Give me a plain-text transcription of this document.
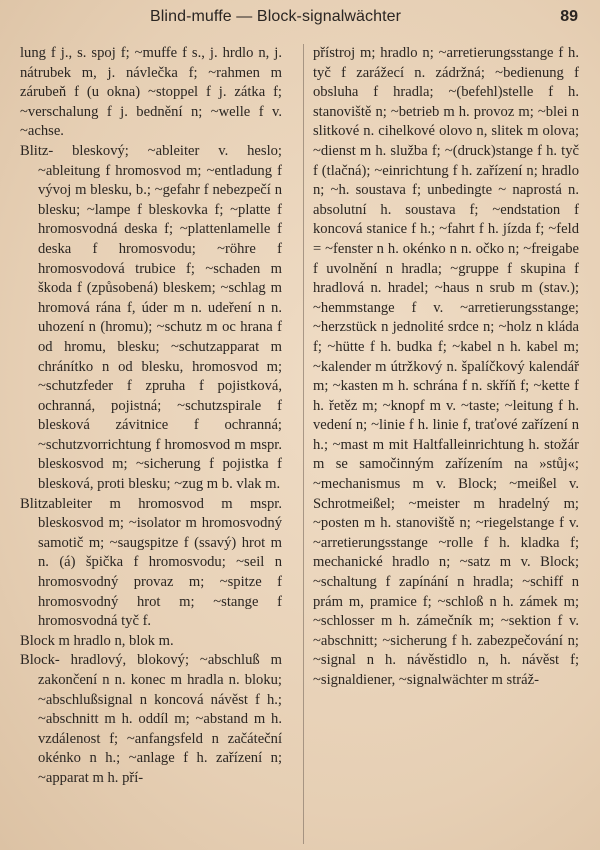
Blind-muffe — Block-signalwächter	89

lung f j., s. spoj f; ~muffe f s., j. hrdlo n, j. nátrubek m, j. návlečka f; ~rahmen m zárubeň f (u okna) ~stoppel f j. zátka f; ~verschalung f j. bednění n; ~welle f v. ~achse.

Blitz- bleskový; ~ableiter v. heslo; ~ableitung f hromosvod m; ~entladung f vývoj m blesku, b.; ~gefahr f nebezpečí n blesku; ~lampe f bleskovka f; ~platte f hromosvodná deska f; ~plattenlamelle f deska f hromosvodu; ~röhre f hromosvodová trubice f; ~schaden m škoda f (způsobená) bleskem; ~schlag m hromová rána f, úder m n. udeření n n. uhození n (hromu); ~schutz m oc hrana f od hromu, blesku; ~schutzapparat m chránítko n od blesku, hromosvod m; ~schutzfeder f zpruha f pojistková, ochranná, pojistná; ~schutzspirale f blesková závitnice f ochranná; ~schutzvorrichtung f hromosvod m mspr. bleskosvod m; ~sicherung f pojistka f blesková, proti blesku; ~zug m b. vlak m.

Blitzableiter m hromosvod m mspr. bleskosvod m; ~isolator m hromosvodný samotič m; ~saugspitze f (ssavý) hrot m n. (á) špička f hromosvodu; ~seil n hromosvodný provaz m; ~spitze f hromosvodný hrot m; ~stange f hromosvodná tyč f.

Block m hradlo n, blok m.

Block- hradlový, blokový; ~abschluß m zakončení n n. konec m hradla n. bloku; ~abschlußsignal n koncová návěst f h.; ~abschnitt m h. oddíl m; ~abstand m h. vzdálenost f; ~anfangsfeld n začáteční okénko n h.; ~anlage f h. zařízení n; ~apparat m h. pří-

přístroj m; hradlo n; ~arretierungsstange f h. tyč f zarážecí n. zádržná; ~bedienung f obsluha f hradla; ~(befehl)stelle f h. stanoviště n; ~betrieb m h. provoz m; ~blei n slitkové n. cihelkové olovo n, slitek m olova; ~dienst m h. služba f; ~(druck)stange f h. tyč f (tlačná); ~einrichtung f h. zařízení n; hradlo n; ~h. soustava f; unbedingte ~ naprostá n. absolutní h. soustava f; ~endstation f koncová stanice f h.; ~fahrt f h. jízda f; ~feld = ~fenster n h. okénko n n. očko n; ~freigabe f uvolnění n hradla; ~gruppe f skupina f hradlová n. hradel; ~haus n srub m (stav.); ~hemmstange f v. ~arretierungsstange; ~herzstück n jednolité srdce n; ~holz n kláda f; ~hütte f h. budka f; ~kabel n h. kabel m; ~kalender m útržkový n. špalíčkový kalendář m; ~kasten m h. schrána f n. skříň f; ~kette f h. řetěz m; ~knopf m v. ~taste; ~leitung f h. vedení n; ~linie f h. linie f, traťové zařízení n h.; ~mast m mit Haltfalleinrichtung h. stožár m se samočinným zařízením na »stůj«; ~mechanismus m v. Block; ~meißel v. Schrotmeißel; ~meister m hradelný m; ~posten m h. stanoviště n; ~riegelstange f v. ~arretierungsstange ~rolle f h. kladka f; mechanické hradlo n; ~satz m v. Block; ~schaltung f zapínání n hradla; ~schiff n prám m, pramice f; ~schloß n h. zámek m; ~schlosser m h. zámečník m; ~sektion f v. ~abschnitt; ~sicherung f h. zabezpečování n; ~signal n h. návěstidlo n, h. návěst f; ~signaldiener, ~signalwächter m stráž-
